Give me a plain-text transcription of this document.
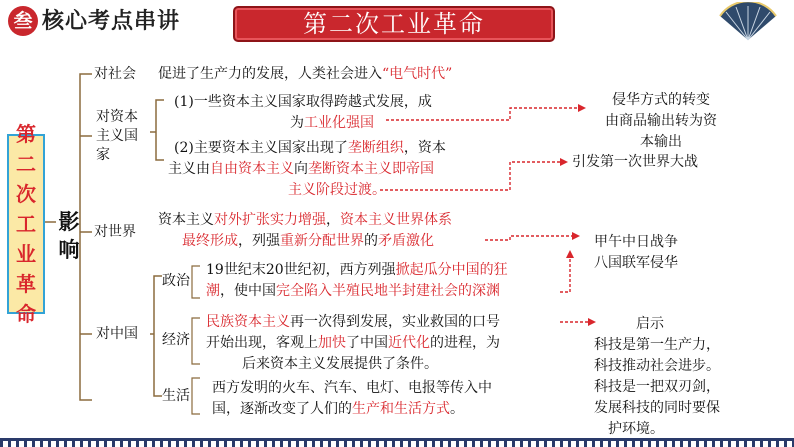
叁 核心考点串讲	第二次工业革命
第
二
次
工
业
革
命
影
响
对社会 促进了生产力的发展，人类社会进入“电气时代”
对资本
主义国
家
(1)一些资本主义国家取得跨越式发展，成
为工业化强国
(2)主要资本主义国家出现了垄断组织，资本
主义由自由资本主义向垄断资本主义即帝国
主义阶段过渡。
对世界
资本主义对外扩张实力增强，资本主义世界体系
最终形成，列强重新分配世界的矛盾激化
对中国
政治
19世纪末20世纪初，西方列强掀起瓜分中国的狂
潮，使中国完全陷入半殖民地半封建社会的深渊
经济
民族资本主义再一次得到发展，实业救国的口号
开始出现，客观上加快了中国近代化的进程，为
后来资本主义发展提供了条件。
生活 西方发明的火车、汽车、电灯、电报等传入中
国，逐渐改变了人们的生产和生活方式。
侵华方式的转变
由商品输出转为资
本输出
引发第一次世界大战
甲午中日战争
八国联军侵华
启示
科技是第一生产力，
科技推动社会进步。
科技是一把双刃剑，
发展科技的同时要保
护环境。
